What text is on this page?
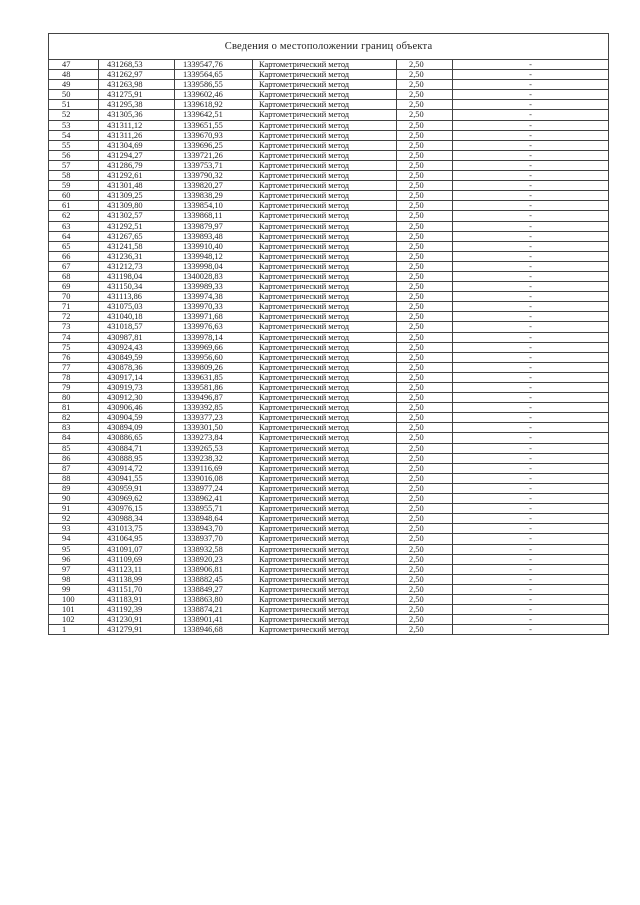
Сведения о местоположении границ объекта					
47	431268,53	1339547,76	Картометрический метод	2,50	-
48	431262,97	1339564,65	Картометрический метод	2,50	-
49	431263,98	1339586,55	Картометрический метод	2,50	-
50	431275,91	1339602,46	Картометрический метод	2,50	-
51	431295,38	1339618,92	Картометрический метод	2,50	-
52	431305,36	1339642,51	Картометрический метод	2,50	-
53	431311,12	1339651,55	Картометрический метод	2,50	-
54	431311,26	1339670,93	Картометрический метод	2,50	-
55	431304,69	1339696,25	Картометрический метод	2,50	-
56	431294,27	1339721,26	Картометрический метод	2,50	-
57	431286,79	1339753,71	Картометрический метод	2,50	-
58	431292,61	1339790,32	Картометрический метод	2,50	-
59	431301,48	1339820,27	Картометрический метод	2,50	-
60	431309,25	1339838,29	Картометрический метод	2,50	-
61	431309,80	1339854,10	Картометрический метод	2,50	-
62	431302,57	1339868,11	Картометрический метод	2,50	-
63	431292,51	1339879,97	Картометрический метод	2,50	-
64	431267,65	1339893,48	Картометрический метод	2,50	-
65	431241,58	1339910,40	Картометрический метод	2,50	-
66	431236,31	1339948,12	Картометрический метод	2,50	-
67	431212,73	1339998,04	Картометрический метод	2,50	-
68	431198,04	1340028,83	Картометрический метод	2,50	-
69	431150,34	1339989,33	Картометрический метод	2,50	-
70	431113,86	1339974,38	Картометрический метод	2,50	-
71	431075,03	1339970,33	Картометрический метод	2,50	-
72	431040,18	1339971,68	Картометрический метод	2,50	-
73	431018,57	1339976,63	Картометрический метод	2,50	-
74	430987,81	1339978,14	Картометрический метод	2,50	-
75	430924,43	1339969,66	Картометрический метод	2,50	-
76	430849,59	1339956,60	Картометрический метод	2,50	-
77	430878,36	1339809,26	Картометрический метод	2,50	-
78	430917,14	1339631,85	Картометрический метод	2,50	-
79	430919,73	1339581,86	Картометрический метод	2,50	-
80	430912,30	1339496,87	Картометрический метод	2,50	-
81	430906,46	1339392,85	Картометрический метод	2,50	-
82	430904,59	1339377,23	Картометрический метод	2,50	-
83	430894,09	1339301,50	Картометрический метод	2,50	-
84	430886,65	1339273,84	Картометрический метод	2,50	-
85	430884,71	1339265,53	Картометрический метод	2,50	-
86	430888,95	1339238,32	Картометрический метод	2,50	-
87	430914,72	1339116,69	Картометрический метод	2,50	-
88	430941,55	1339016,08	Картометрический метод	2,50	-
89	430959,91	1338977,24	Картометрический метод	2,50	-
90	430969,62	1338962,41	Картометрический метод	2,50	-
91	430976,15	1338955,71	Картометрический метод	2,50	-
92	430988,34	1338948,64	Картометрический метод	2,50	-
93	431013,75	1338943,70	Картометрический метод	2,50	-
94	431064,95	1338937,70	Картометрический метод	2,50	-
95	431091,07	1338932,58	Картометрический метод	2,50	-
96	431109,69	1338920,23	Картометрический метод	2,50	-
97	431123,11	1338906,81	Картометрический метод	2,50	-
98	431138,99	1338882,45	Картометрический метод	2,50	-
99	431151,70	1338849,27	Картометрический метод	2,50	-
100	431183,91	1338863,80	Картометрический метод	2,50	-
101	431192,39	1338874,21	Картометрический метод	2,50	-
102	431230,91	1338901,41	Картометрический метод	2,50	-
1	431279,91	1338946,68	Картометрический метод	2,50	-
